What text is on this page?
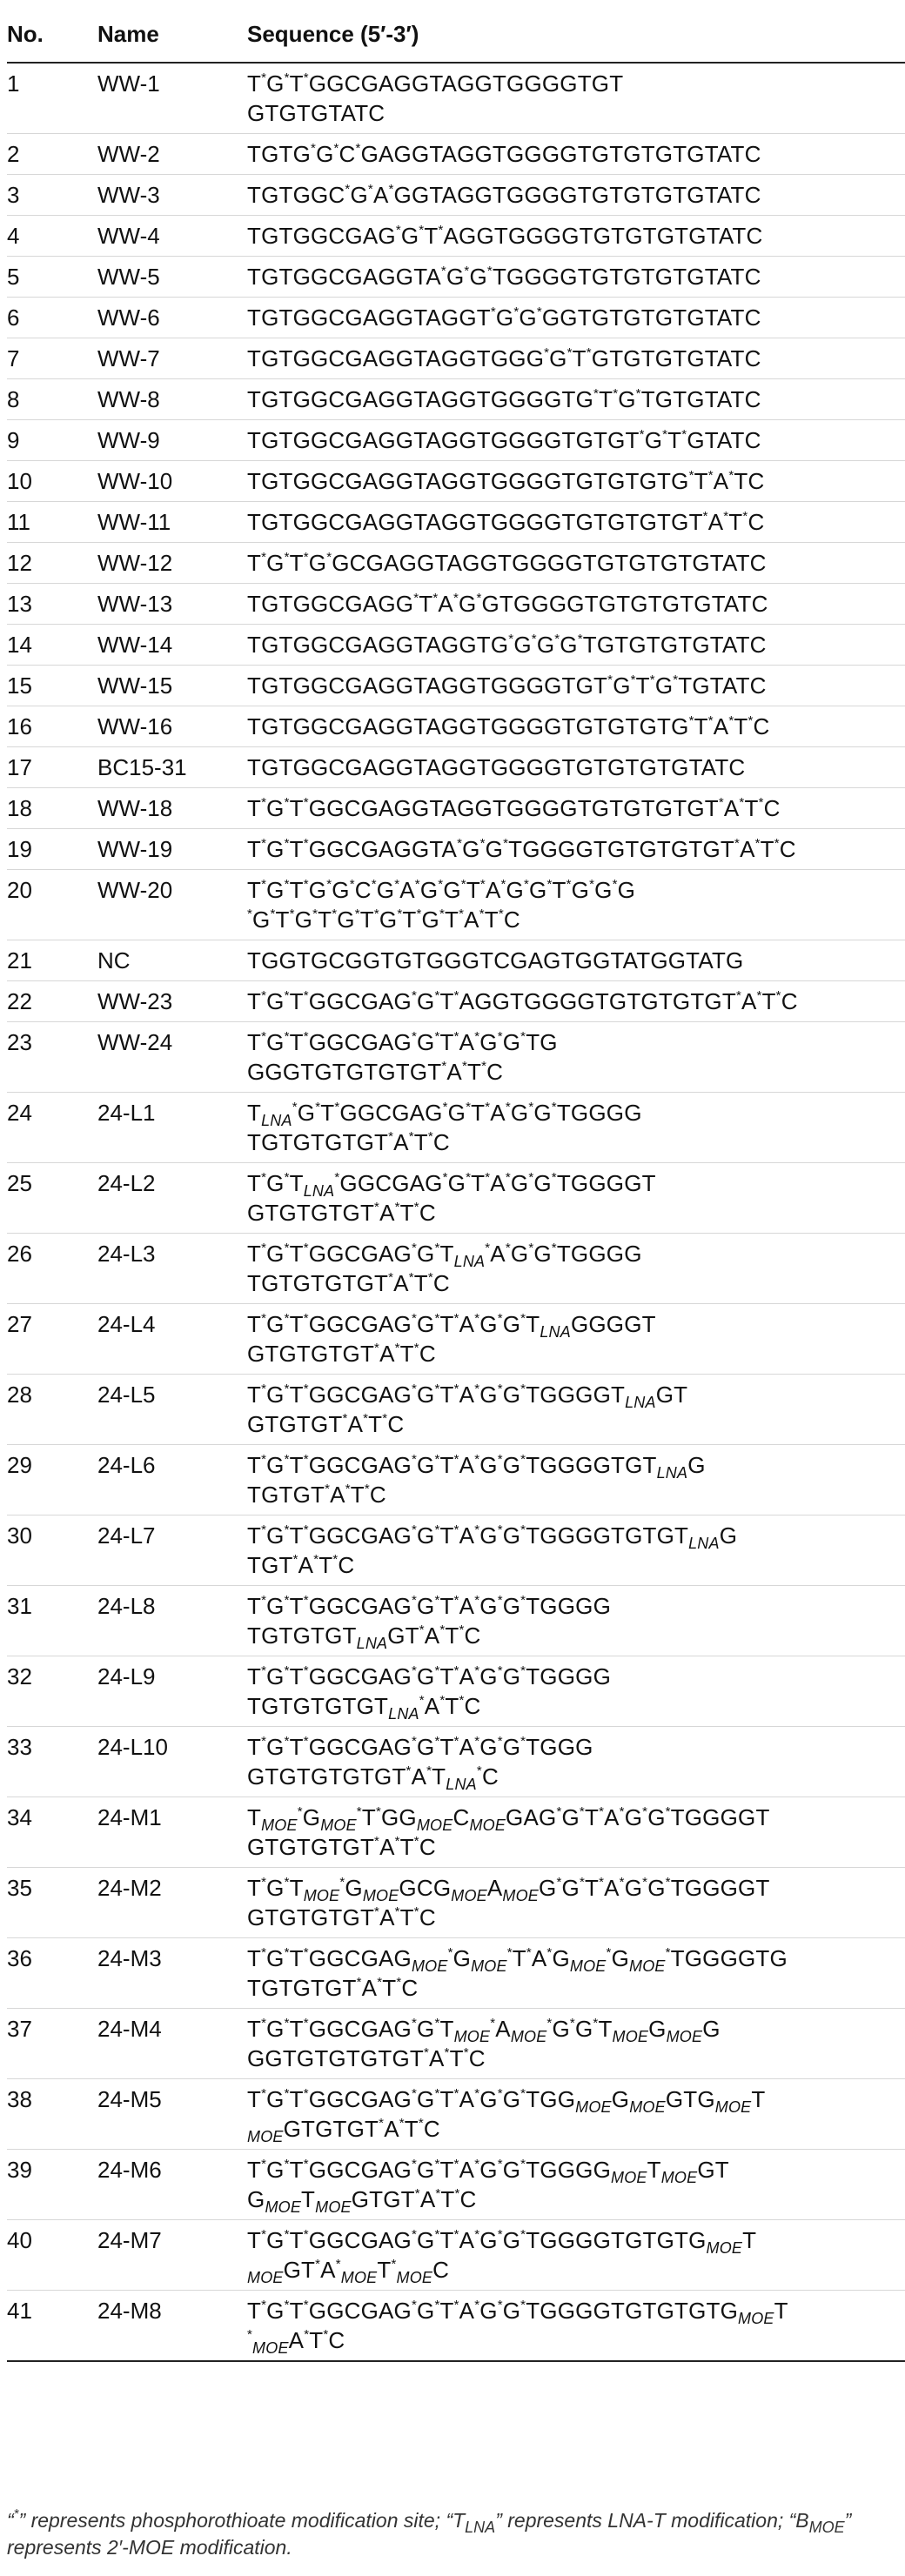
No.	Name	Sequence (5′-3′)
1	WW-1	T*G*T*GGCGAGGTAGGTGGGGTGT
GTGTGTATC
2	WW-2	TGTG*G*C*GAGGTAGGTGGGGTGTGTGTGTATC
3	WW-3	TGTGGC*G*A*GGTAGGTGGGGTGTGTGTGTATC
4	WW-4	TGTGGCGAG*G*T*AGGTGGGGTGTGTGTGTATC
5	WW-5	TGTGGCGAGGTA*G*G*TGGGGTGTGTGTGTATC
6	WW-6	TGTGGCGAGGTAGGT*G*G*GGTGTGTGTGTATC
7	WW-7	TGTGGCGAGGTAGGTGGG*G*T*GTGTGTGTATC
8	WW-8	TGTGGCGAGGTAGGTGGGGTG*T*G*TGTGTATC
9	WW-9	TGTGGCGAGGTAGGTGGGGTGTGT*G*T*GTATC
10	WW-10	TGTGGCGAGGTAGGTGGGGTGTGTGTG*T*A*TC
11	WW-11	TGTGGCGAGGTAGGTGGGGTGTGTGTGT*A*T*C
12	WW-12	T*G*T*G*GCGAGGTAGGTGGGGTGTGTGTGTATC
13	WW-13	TGTGGCGAGG*T*A*G*GTGGGGTGTGTGTGTATC
14	WW-14	TGTGGCGAGGTAGGTG*G*G*G*TGTGTGTGTATC
15	WW-15	TGTGGCGAGGTAGGTGGGGTGT*G*T*G*TGTATC
16	WW-16	TGTGGCGAGGTAGGTGGGGTGTGTGTG*T*A*T*C
17	BC15-31	TGTGGCGAGGTAGGTGGGGTGTGTGTGTATC
18	WW-18	T*G*T*GGCGAGGTAGGTGGGGTGTGTGTGT*A*T*C
19	WW-19	T*G*T*GGCGAGGTA*G*G*TGGGGTGTGTGTGT*A*T*C
20	WW-20	T*G*T*G*G*C*G*A*G*G*T*A*G*G*T*G*G*G
*G*T*G*T*G*T*G*T*G*T*A*T*C
21	NC	TGGTGCGGTGTGGGTCGAGTGGTATGGTATG
22	WW-23	T*G*T*GGCGAG*G*T*AGGTGGGGTGTGTGTGT*A*T*C
23	WW-24	T*G*T*GGCGAG*G*T*A*G*G*TG
GGGTGTGTGTGT*A*T*C
24	24-L1	$T_{LNA}^*G^*T^*GGCGAG^*G^*T^*A^*G^*G^*TGGGG$
TGTGTGTGT*A*T*C
25	24-L2	$T^*G^*T_{LNA}^*GGCGAG^*G^*T^*A^*G^*G^*TGGGGT$
GTGTGTGT*A*T*C
26	24-L3	$T^*G^*T^*GGCGAG^*G^*T_{LNA}^*A^*G^*G^*TGGGG$
TGTGTGTGT*A*T*C
27	24-L4	$T^*G^*T^*GGCGAG^*G^*T^*A^*G^*G^*T_{LNA}GGGGT$
GTGTGTGT*A*T*C
28	24-L5	$T^*G^*T^*GGCGAG^*G^*T^*A^*G^*G^*TGGGGT_{LNA}GT$
GTGTGT*A*T*C
29	24-L6	$T^*G^*T^*GGCGAG^*G^*T^*A^*G^*G^*TGGGGTGT_{LNA}G$
TGTGT*A*T*C
30	24-L7	$T^*G^*T^*GGCGAG^*G^*T^*A^*G^*G^*TGGGGTGTGT_{LNA}G$
TGT*A*T*C
31	24-L8	T*G*T*GGCGAG*G*T*A*G*G*TGGGG
$TGTGTGT_{LNA}GT^*A^*T^*C$
32	24-L9	T*G*T*GGCGAG*G*T*A*G*G*TGGGG
$TGTGTGTGT_{LNA}^*A^*T^*C$
33	24-L10	T*G*T*GGCGAG*G*T*A*G*G*TGGG
$GTGTGTGTGT^*A^*T_{LNA}^*C$
34	24-M1	$T_{MOE}^*G_{MOE}^*T^*GG_{MOE}C_{MOE}GAG^*G^*T^*A^*G^*G^*TGGGGT$
GTGTGTGT*A*T*C
35	24-M2	$T^*G^*T_{MOE}^*G_{MOE}GCG_{MOE}A_{MOE}G^*G^*T^*A^*G^*G^*TGGGGT$
GTGTGTGT*A*T*C
36	24-M3	$T^*G^*T^*GGCGAG_{MOE}^*G_{MOE}^*T^*A^*G_{MOE}^*G_{MOE}^*TGGGGTG$
TGTGTGT*A*T*C
37	24-M4	$T^*G^*T^*GGCGAG^*G^*T_{MOE}^*A_{MOE}^*G^*G^*T_{MOE}G_{MOE}G$
GGTGTGTGTGT*A*T*C
38	24-M5	$T^*G^*T^*GGCGAG^*G^*T^*A^*G^*G^*TGG_{MOE}G_{MOE}GTG_{MOE}T$
$_{MOE}$GTGTGT*A*T*C
39	24-M6	$T^*G^*T^*GGCGAG^*G^*T^*A^*G^*G^*TGGGG_{MOE}T_{MOE}GT$
$G_{MOE}T_{MOE}GTGT^*A^*T^*C$
40	24-M7	$T^*G^*T^*GGCGAG^*G^*T^*A^*G^*G^*TGGGGTGTGTG_{MOE}T$
$_{MOE}GT^*A^*_{MOE}T^*_{MOE}C$
41	24-M8	$T^*G^*T^*GGCGAG^*G^*T^*A^*G^*G^*TGGGGTGTGTGTG_{MOE}T$
*$_{MOE}$A*T*C
“*” represents phosphorothioate modification site; “$T_{LNA}$” represents LNA-T modification; “$B_{MOE}$” represents 2′-MOE modification.
